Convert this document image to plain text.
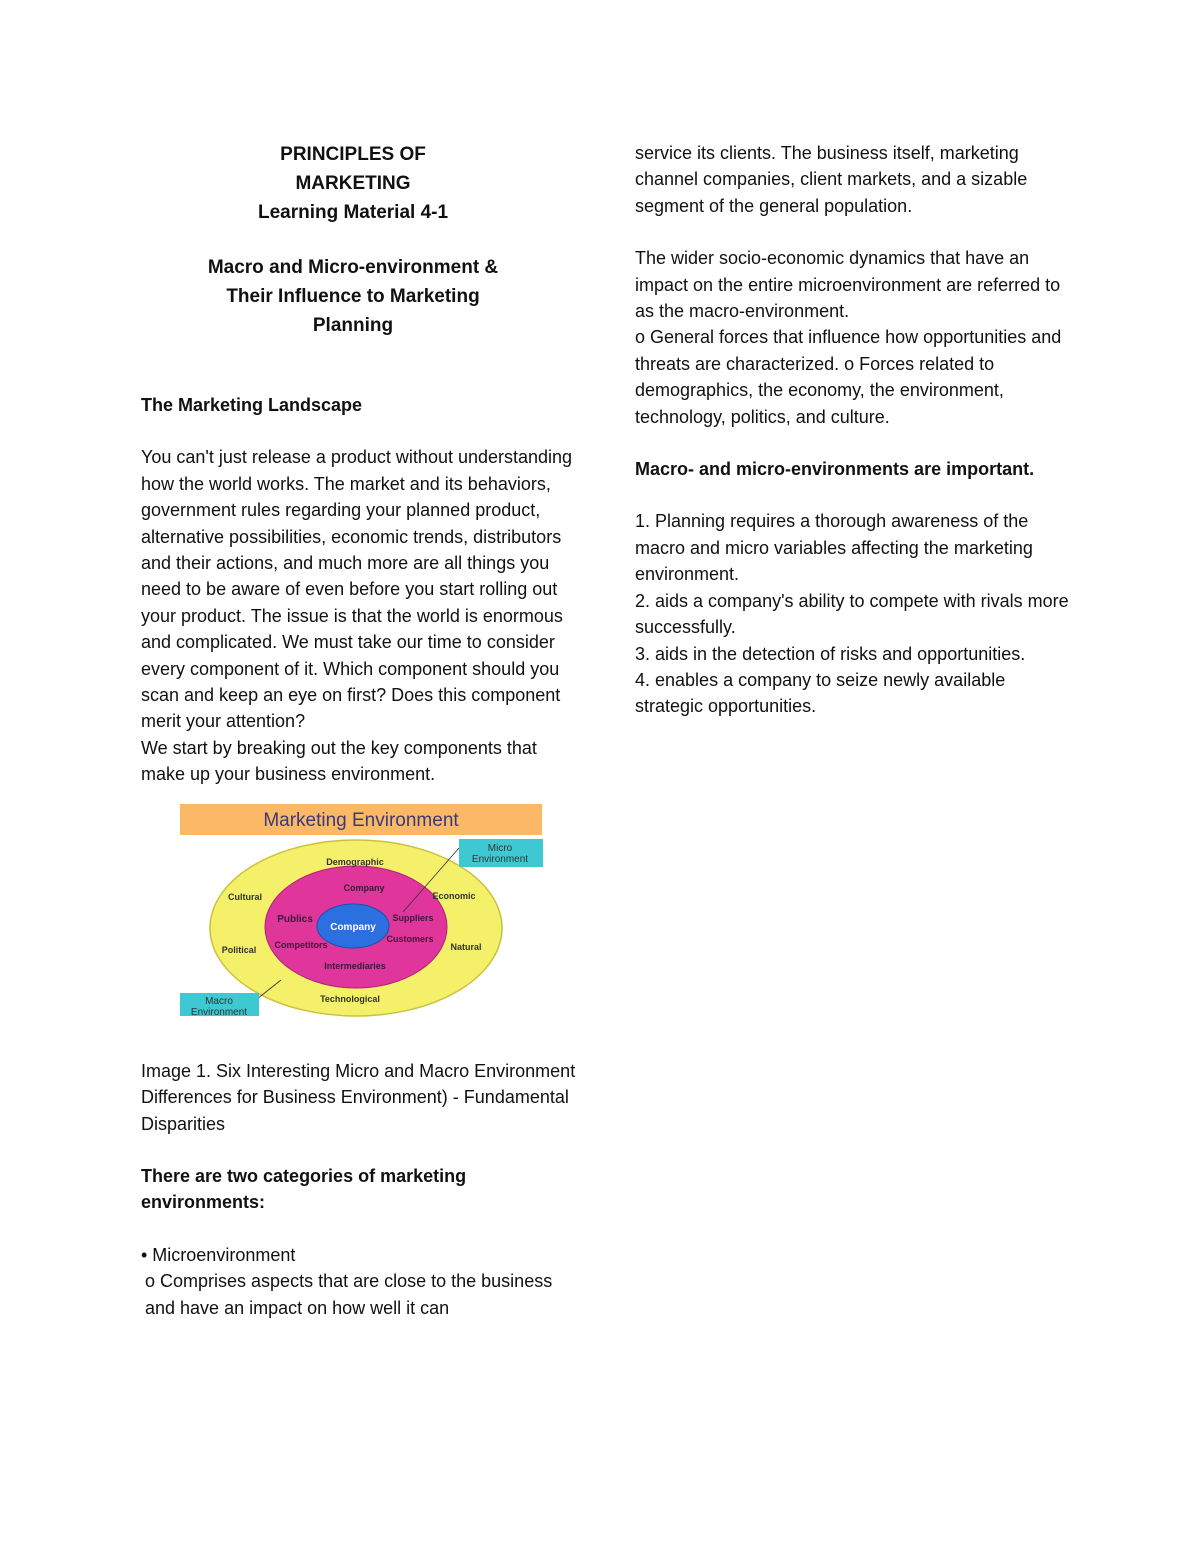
PRINCIPLES OF
MARKETING
Learning Material 4-1
Macro and Micro-environment &
Their Influence to Marketing
Planning

The Marketing Landscape

You can't just release a product without understanding how the world works. The market and its behaviors, government rules regarding your planned product, alternative possibilities, economic trends, distributors and their actions, and much more are all things you need to be aware of even before you start rolling out your product. The issue is that the world is enormous and complicated. We must take our time to consider every component of it. Which component should you scan and keep an eye on first? Does this component merit your attention?

We start by breaking out the key components that make up your business environment.

Marketing Environment
Micro
Environment
Macro
Environment
Demographic
Economic
Natural
Technological
Political
Cultural
Company
Suppliers
Customers
Intermediaries
Competitors
Publics
Company

Image 1. Six Interesting Micro and Macro Environment Differences for Business Environment) - Fundamental Disparities

There are two categories of marketing environments:

• Microenvironment

o Comprises aspects that are close to the business and have an impact on how well it can

service its clients. The business itself, marketing channel companies, client markets, and a sizable segment of the general population.

The wider socio-economic dynamics that have an impact on the entire microenvironment are referred to as the macro-environment.

o General forces that influence how opportunities and threats are characterized. o Forces related to demographics, the economy, the environment, technology, politics, and culture.

Macro- and micro-environments are important.

1. Planning requires a thorough awareness of the macro and micro variables affecting the marketing environment.

2. aids a company's ability to compete with rivals more successfully.

3. aids in the detection of risks and opportunities.

4. enables a company to seize newly available strategic opportunities.
